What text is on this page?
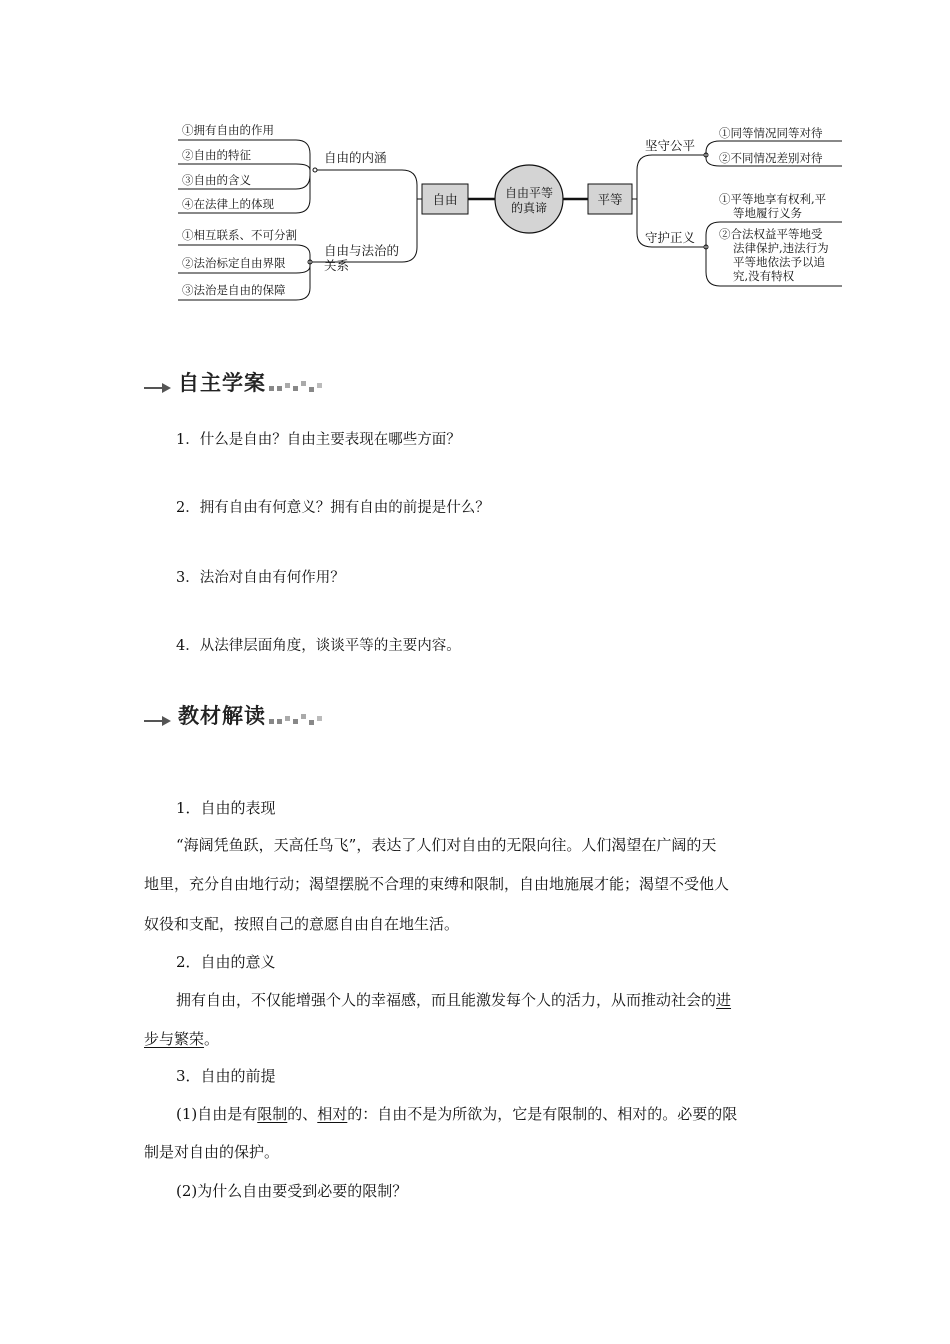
自由平等
的真谛
自由	平等
自由的内涵
①拥有自由的作用
②自由的特征
③自由的含义
④在法律上的体现
自由与法治的
关系
①相互联系、不可分割
②法治标定自由界限
③法治是自由的保障
坚守公平
①同等情况同等对待
②不同情况差别对待
守护正义
①平等地享有权利,平
等地履行义务
②合法权益平等地受
法律保护,违法行为
平等地依法予以追
究,没有特权
自主学案
1．什么是自由？自由主要表现在哪些方面？
2．拥有自由有何意义？拥有自由的前提是什么？
3．法治对自由有何作用？
4．从法律层面角度，谈谈平等的主要内容。
教材解读
1．自由的表现
“海阔凭鱼跃，天高任鸟飞”，表达了人们对自由的无限向往。人们渴望在广阔的天
地里，充分自由地行动；渴望摆脱不合理的束缚和限制，自由地施展才能；渴望不受他人
奴役和支配，按照自己的意愿自由自在地生活。
2．自由的意义
拥有自由，不仅能增强个人的幸福感，而且能激发每个人的活力，从而推动社会的进
步与繁荣。
3．自由的前提
(1)自由是有限制的、相对的：自由不是为所欲为，它是有限制的、相对的。必要的限
制是对自由的保护。
(2)为什么自由要受到必要的限制？
